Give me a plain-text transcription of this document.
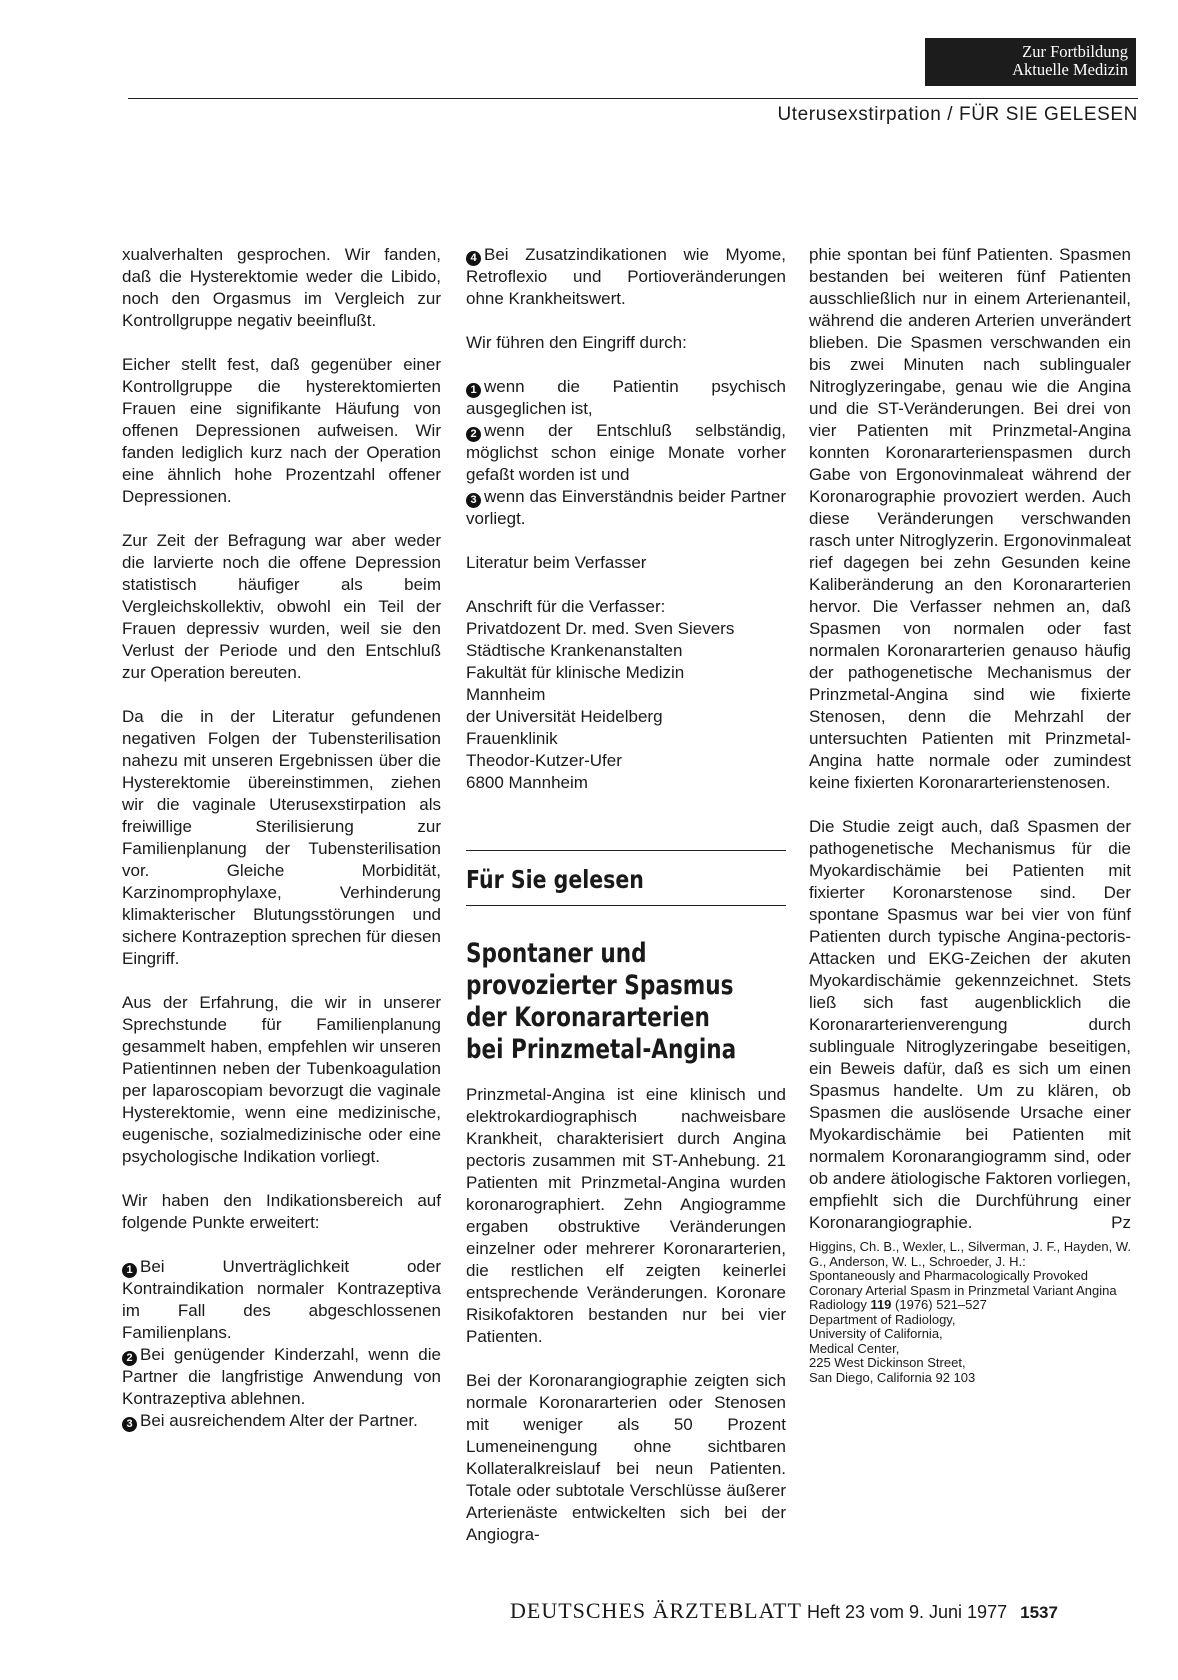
Zur Fortbildung
Aktuelle Medizin
Uterusexstirpation / FÜR SIE GELESEN

xualverhalten gesprochen. Wir fanden, daß die Hysterektomie weder die Libido, noch den Orgasmus im Vergleich zur Kontrollgruppe negativ beeinflußt.

Eicher stellt fest, daß gegenüber einer Kontrollgruppe die hysterektomierten Frauen eine signifikante Häufung von offenen Depressionen aufweisen. Wir fanden lediglich kurz nach der Operation eine ähnlich hohe Prozentzahl offener Depressionen.

Zur Zeit der Befragung war aber weder die larvierte noch die offene Depression statistisch häufiger als beim Vergleichskollektiv, obwohl ein Teil der Frauen depressiv wurden, weil sie den Verlust der Periode und den Entschluß zur Operation bereuten.

Da die in der Literatur gefundenen negativen Folgen der Tubensterilisation nahezu mit unseren Ergebnissen über die Hysterektomie übereinstimmen, ziehen wir die vaginale Uterusexstirpation als freiwillige Sterilisierung zur Familienplanung der Tubensterilisation vor. Gleiche Morbidität, Karzinomprophylaxe, Verhinderung klimakterischer Blutungsstörungen und sichere Kontrazeption sprechen für diesen Eingriff.

Aus der Erfahrung, die wir in unserer Sprechstunde für Familienplanung gesammelt haben, empfehlen wir unseren Patientinnen neben der Tubenkoagulation per laparoscopiam bevorzugt die vaginale Hysterektomie, wenn eine medizinische, eugenische, sozialmedizinische oder eine psychologische Indikation vorliegt.

Wir haben den Indikationsbereich auf folgende Punkte erweitert:

1 Bei Unverträglichkeit oder Kontraindikation normaler Kontrazeptiva im Fall des abgeschlossenen Familienplans.
2 Bei genügender Kinderzahl, wenn die Partner die langfristige Anwendung von Kontrazeptiva ablehnen.
3 Bei ausreichendem Alter der Partner.

4 Bei Zusatzindikationen wie Myome, Retroflexio und Portioveränderungen ohne Krankheitswert.

Wir führen den Eingriff durch:

1 wenn die Patientin psychisch ausgeglichen ist,
2 wenn der Entschluß selbständig, möglichst schon einige Monate vorher gefaßt worden ist und
3 wenn das Einverständnis beider Partner vorliegt.

Literatur beim Verfasser

Anschrift für die Verfasser:
Privatdozent Dr. med. Sven Sievers
Städtische Krankenanstalten
Fakultät für klinische Medizin
Mannheim
der Universität Heidelberg
Frauenklinik
Theodor-Kutzer-Ufer
6800 Mannheim
Für Sie gelesen
Spontaner und
provozierter Spasmus
der Koronararterien
bei Prinzmetal-Angina

Prinzmetal-Angina ist eine klinisch und elektrokardiographisch nachweisbare Krankheit, charakterisiert durch Angina pectoris zusammen mit ST-Anhebung. 21 Patienten mit Prinzmetal-Angina wurden koronarographiert. Zehn Angiogramme ergaben obstruktive Veränderungen einzelner oder mehrerer Koronararterien, die restlichen elf zeigten keinerlei entsprechende Veränderungen. Koronare Risikofaktoren bestanden nur bei vier Patienten.

Bei der Koronarangiographie zeigten sich normale Koronararterien oder Stenosen mit weniger als 50 Prozent Lumeneinengung ohne sichtbaren Kollateralkreislauf bei neun Patienten. Totale oder subtotale Verschlüsse äußerer Arterienäste entwickelten sich bei der Angiogra-

phie spontan bei fünf Patienten. Spasmen bestanden bei weiteren fünf Patienten ausschließlich nur in einem Arterienanteil, während die anderen Arterien unverändert blieben. Die Spasmen verschwanden ein bis zwei Minuten nach sublingualer Nitroglyzeringabe, genau wie die Angina und die ST-Veränderungen. Bei drei von vier Patienten mit Prinzmetal-Angina konnten Koronararterienspasmen durch Gabe von Ergonovinmaleat während der Koronarographie provoziert werden. Auch diese Veränderungen verschwanden rasch unter Nitroglyzerin. Ergonovinmaleat rief dagegen bei zehn Gesunden keine Kaliberänderung an den Koronararterien hervor. Die Verfasser nehmen an, daß Spasmen von normalen oder fast normalen Koronararterien genauso häufig der pathogenetische Mechanismus der Prinzmetal-Angina sind wie fixierte Stenosen, denn die Mehrzahl der untersuchten Patienten mit Prinzmetal-Angina hatte normale oder zumindest keine fixierten Koronararterienstenosen.

Die Studie zeigt auch, daß Spasmen der pathogenetische Mechanismus für die Myokardischämie bei Patienten mit fixierter Koronarstenose sind. Der spontane Spasmus war bei vier von fünf Patienten durch typische Angina-pectoris-Attacken und EKG-Zeichen der akuten Myokardischämie gekennzeichnet. Stets ließ sich fast augenblicklich die Koronararterienverengung durch sublinguale Nitroglyzeringabe beseitigen, ein Beweis dafür, daß es sich um einen Spasmus handelte. Um zu klären, ob Spasmen die auslösende Ursache einer Myokardischämie bei Patienten mit normalem Koronarangiogramm sind, oder ob andere ätiologische Faktoren vorliegen, empfiehlt sich die Durchführung einer Koronarangiographie.	Pz

Higgins, Ch. B., Wexler, L., Silverman, J. F., Hayden, W. G., Anderson, W. L., Schroeder, J. H.:
Spontaneously and Pharmacologically Provoked Coronary Arterial Spasm in Prinzmetal Variant Angina
Radiology 119 (1976) 521–527
Department of Radiology,
University of California,
Medical Center,
225 West Dickinson Street,
San Diego, California 92 103
DEUTSCHES ÄRZTEBLATT Heft 23 vom 9. Juni 1977 1537
